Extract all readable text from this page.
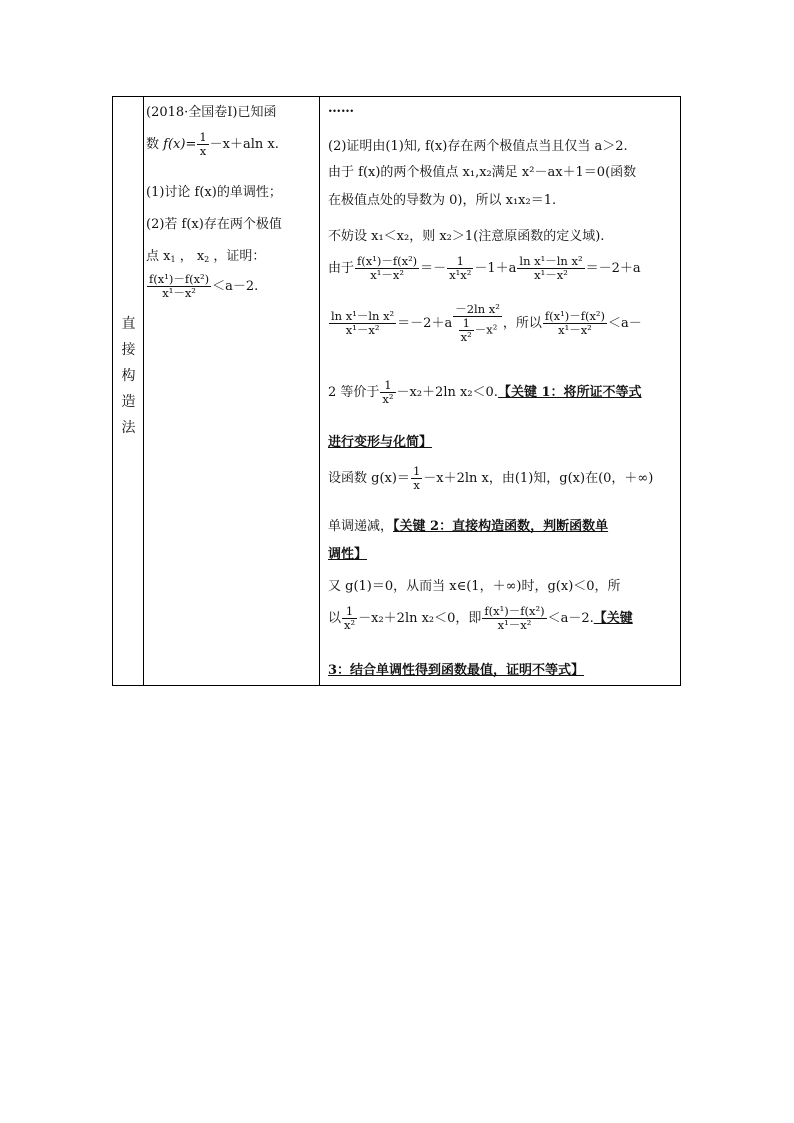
直
接
构
造
法
(2018·全国卷Ⅰ)已知函
数 $f(x)= \frac{1}{x} -x+aln$ x.
(1)讨论 f(x)的单调性；
(2)若 f(x)存在两个极值
点 $x_1$ ， $x_2$ ，证明：
$\frac{\text{f(x¹)－f(x²)}}{\text{x¹－x²}} <a-2$.
……
(2)证明由(1)知, f(x)存在两个极值点当且仅当 a＞2.
由于 f(x)的两个极值点 x₁,x₂满足 x²－ax＋1＝0(函数
在极值点处的导数为 0)，所以 x₁x₂＝1.
不妨设 x₁＜x₂，则 x₂＞1(注意原函数的定义域).
由于 $\frac{\text{f(x¹)－f(x²)}}{\text{x¹－x²}} =- \frac{1}{\text{x¹x²}} -1+a \frac{\text{ln x¹－ln x²}}{\text{x¹－x²}} =-2+a$
$\frac{\text{ln x¹－ln x²}}{\text{x¹－x²}} =-2+a \frac{\text{－2ln x²}}{\frac{1}{\text{x²}} -x^2}$ ，所以 $\frac{\text{f(x¹)－f(x²)}}{\text{x¹－x²}} <a-$
2 等价于 $\frac{1}{\text{x²}} -x_2+2\ln$ x₂＜0.【关键 1：将所证不等式
进行变形与化简】
设函数 $g(x)= \frac{1}{x} -x+2\ln$ x，由(1)知，g(x)在(0，＋∞)
单调递减，【关键 2：直接构造函数，判断函数单
调性】
又 g(1)＝0，从而当 x∈(1，＋∞)时，g(x)＜0，所
以 $\frac{1}{\text{x²}} -x_2+2\ln$ x₂＜0，即 $\frac{\text{f(x¹)－f(x²)}}{\text{x¹－x²}} <a-2$.【关键
3：结合单调性得到函数最值，证明不等式】
